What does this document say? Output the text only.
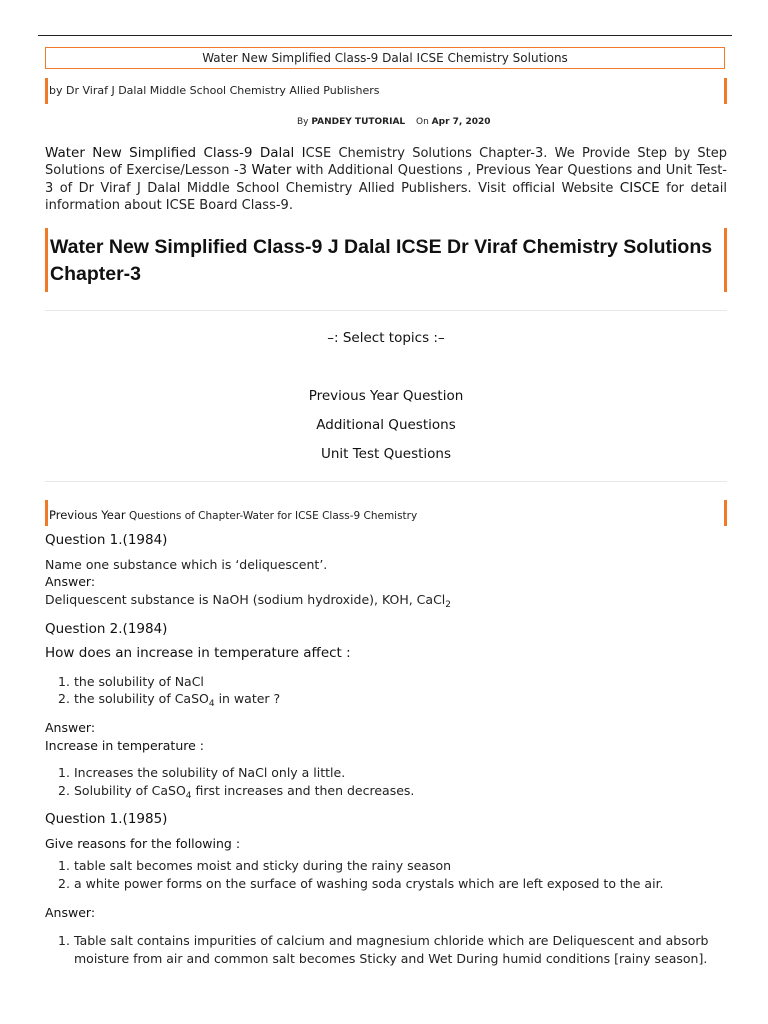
Water New Simplified Class-9 Dalal ICSE Chemistry Solutions
by Dr Viraf J Dalal Middle School Chemistry Allied Publishers
By PANDEY TUTORIAL On Apr 7, 2020
Water New Simplified Class-9 Dalal ICSE Chemistry Solutions Chapter-3. We Provide Step by Step Solutions of Exercise/Lesson -3 Water with Additional Questions , Previous Year Questions and Unit Test-3 of Dr Viraf J Dalal Middle School Chemistry Allied Publishers. Visit official Website CISCE for detail information about ICSE Board Class-9.
Water New Simplified Class-9 J Dalal ICSE Dr Viraf Chemistry Solutions Chapter-3
–: Select topics :–
Previous Year Question
Additional Questions
Unit Test Questions
Previous Year Questions of Chapter-Water for ICSE Class-9 Chemistry
Question 1.(1984)
Name one substance which is ‘deliquescent’.
Answer:
Deliquescent substance is NaOH (sodium hydroxide), KOH, CaCl$_2$
Question 2.(1984)
How does an increase in temperature affect :
1. the solubility of NaCl
2. the solubility of CaSO$_4$ in water ?
Answer:
Increase in temperature :
1. Increases the solubility of NaCl only a little.
2. Solubility of CaSO$_4$ first increases and then decreases.
Question 1.(1985)
Give reasons for the following :
1. table salt becomes moist and sticky during the rainy season
2. a white power forms on the surface of washing soda crystals which are left exposed to the air.
Answer:
1. Table salt contains impurities of calcium and magnesium chloride which are Deliquescent and absorb
moisture from air and common salt becomes Sticky and Wet During humid conditions [rainy season].
